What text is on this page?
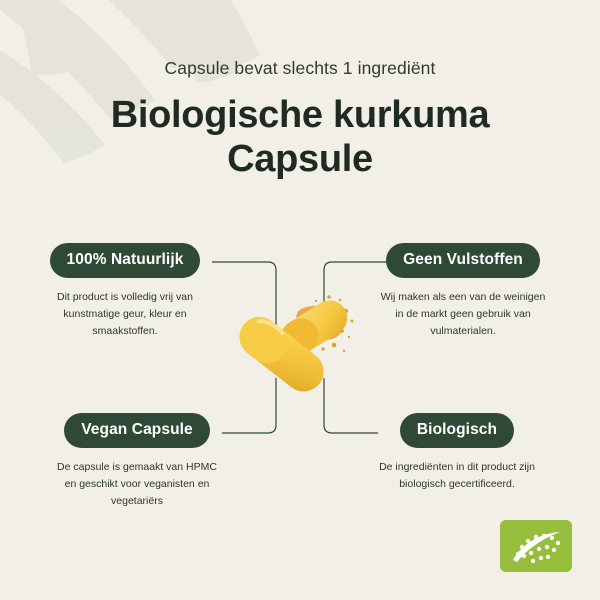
Capsule bevat slechts 1 ingrediënt

Biologische kurkuma
Capsule
100% Natuurlijk

Dit product is volledig vrij van kunstmatige geur, kleur en smaakstoffen.

Geen Vulstoffen

Wij maken als een van de weinigen in de markt geen gebruik van vulmaterialen.

Vegan Capsule

De capsule is gemaakt van HPMC en geschikt voor veganisten en vegetariërs

Biologisch

De ingrediënten in dit product zijn biologisch gecertificeerd.
